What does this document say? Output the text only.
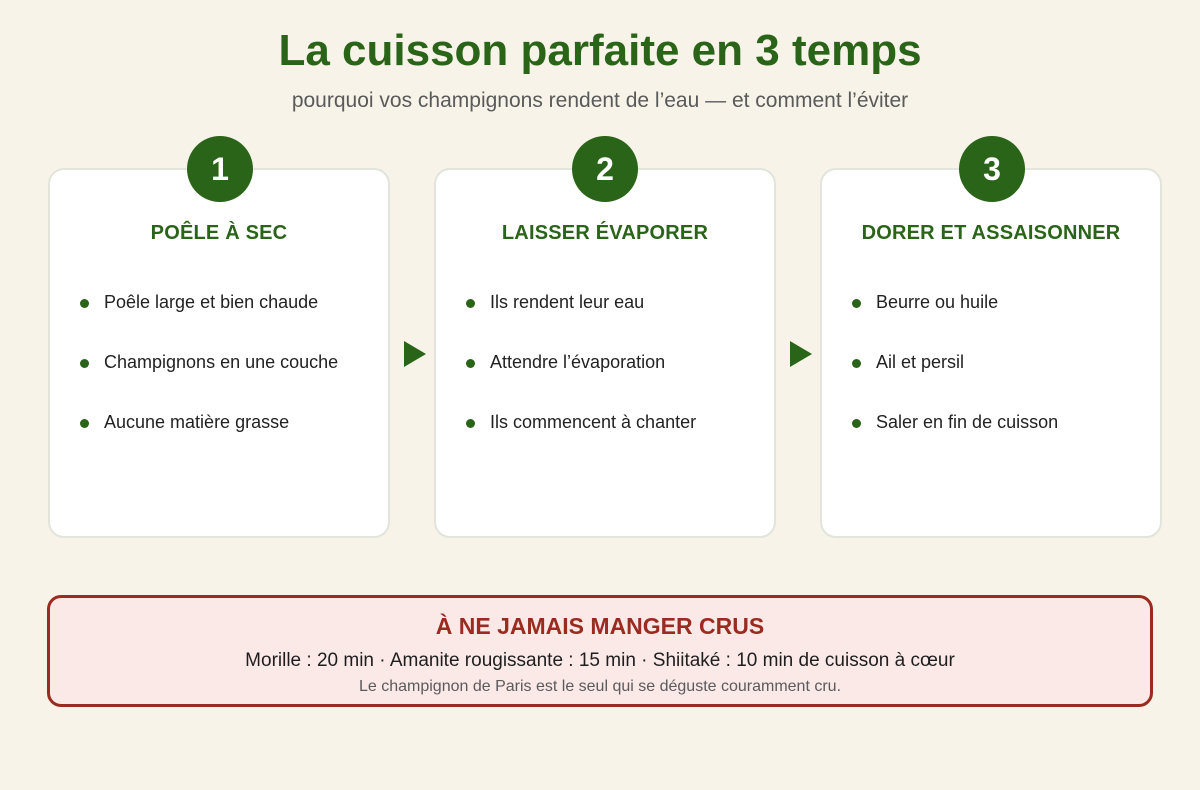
La cuisson parfaite en 3 temps
pourquoi vos champignons rendent de l’eau — et comment l’éviter
1
POÊLE À SEC
Poêle large et bien chaude
Champignons en une couche
Aucune matière grasse
2
LAISSER ÉVAPORER
Ils rendent leur eau
Attendre l’évaporation
Ils commencent à chanter
3
DORER ET ASSAISONNER
Beurre ou huile
Ail et persil
Saler en fin de cuisson
À NE JAMAIS MANGER CRUS
Morille : 20 min · Amanite rougissante : 15 min · Shiitaké : 10 min de cuisson à cœur
Le champignon de Paris est le seul qui se déguste couramment cru.
